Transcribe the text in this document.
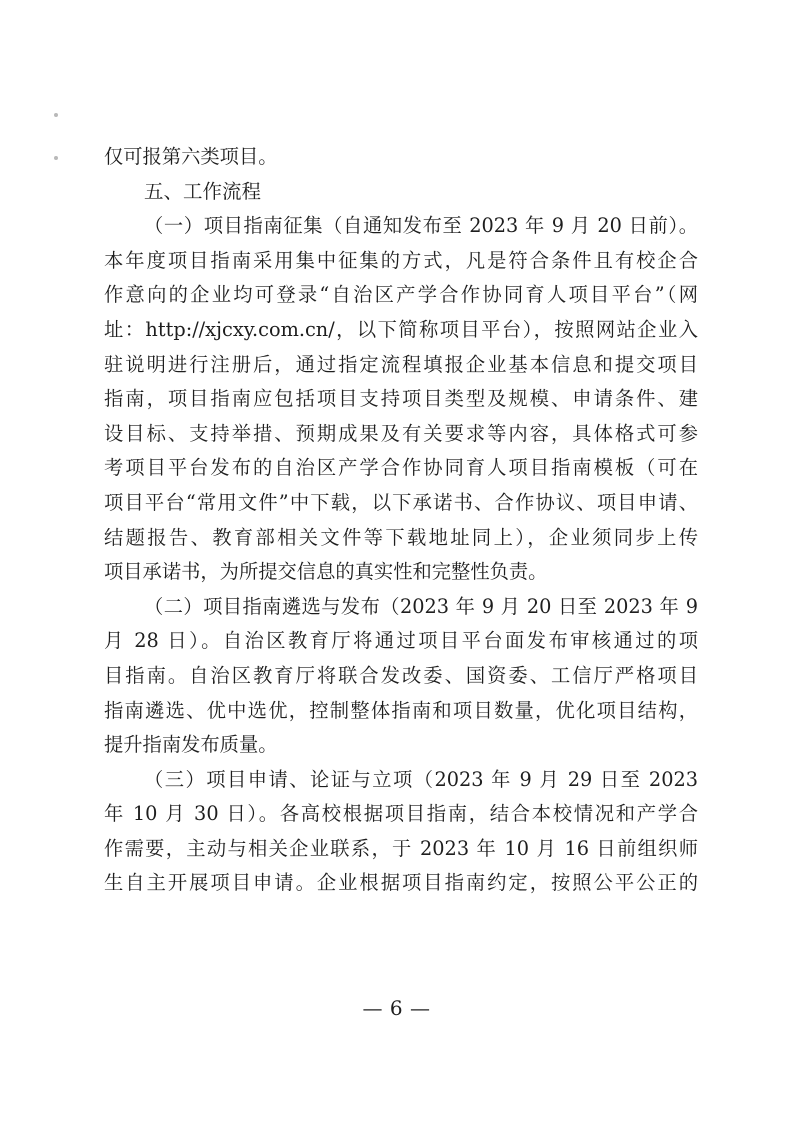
仅可报第六类项目。
五、工作流程
（一）项目指南征集（自通知发布至 2023 年 9 月 20 日前）。
本年度项目指南采用集中征集的方式，凡是符合条件且有校企合
作意向的企业均可登录“自治区产学合作协同育人项目平台”（网
址：http://xjcxy.com.cn/，以下简称项目平台），按照网站企业入
驻说明进行注册后，通过指定流程填报企业基本信息和提交项目
指南，项目指南应包括项目支持项目类型及规模、申请条件、建
设目标、支持举措、预期成果及有关要求等内容，具体格式可参
考项目平台发布的自治区产学合作协同育人项目指南模板（可在
项目平台“常用文件”中下载，以下承诺书、合作协议、项目申请、
结题报告、教育部相关文件等下载地址同上），企业须同步上传
项目承诺书，为所提交信息的真实性和完整性负责。
（二）项目指南遴选与发布（2023 年 9 月 20 日至 2023 年 9
月 28 日）。自治区教育厅将通过项目平台面发布审核通过的项
目指南。自治区教育厅将联合发改委、国资委、工信厅严格项目
指南遴选、优中选优，控制整体指南和项目数量，优化项目结构，
提升指南发布质量。
（三）项目申请、论证与立项（2023 年 9 月 29 日至 2023
年 10 月 30 日）。各高校根据项目指南，结合本校情况和产学合
作需要，主动与相关企业联系，于 2023 年 10 月 16 日前组织师
生自主开展项目申请。企业根据项目指南约定，按照公平公正的
— 6 —
